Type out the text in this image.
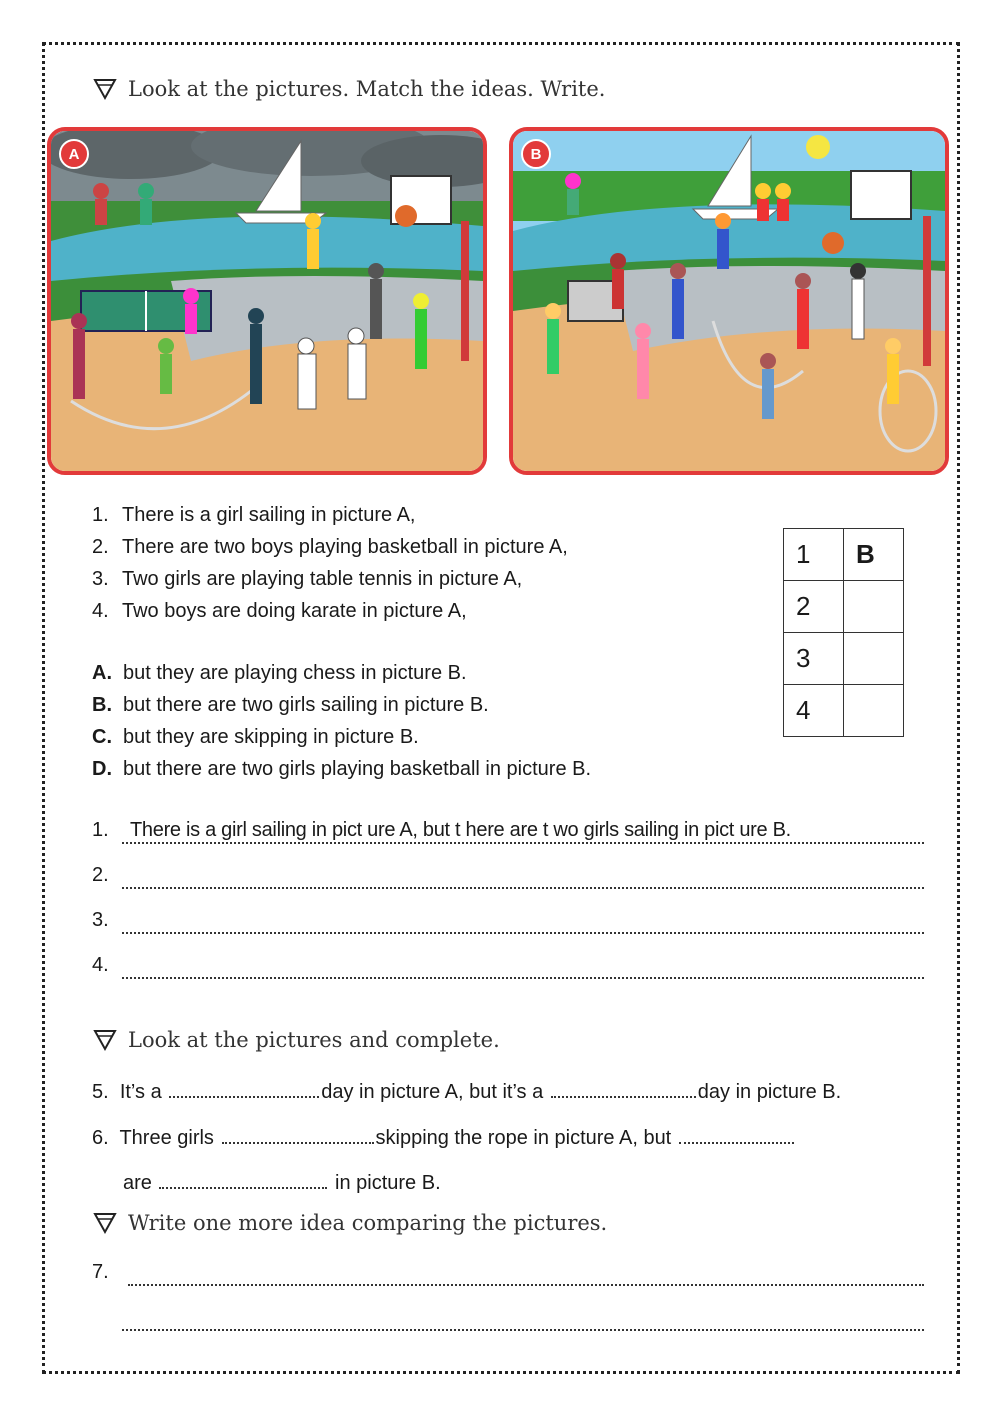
Look at the pictures. Match the ideas. Write.
A	B
1. There is a girl sailing in picture A,
2. There are two boys playing basketball in picture A,
3. Two girls are playing table tennis in picture A,
4. Two boys are doing karate in picture A,
A. but they are playing chess in picture B.
B. but there are two girls sailing in picture B.
C. but they are skipping in picture B.
D. but there are two girls playing basketball in picture B.
1	B
2	
3	
4	
1. There is a girl sailing in pict ure A, but t here are t wo girls sailing in pict ure B.
2.
3.
4.
Look at the pictures and complete.
5. It’s a	day in picture A, but it’s a	day in picture B.
6. Three girls	skipping the rope in picture A, but
are	in picture B.
Write one more idea comparing the pictures.
7.
